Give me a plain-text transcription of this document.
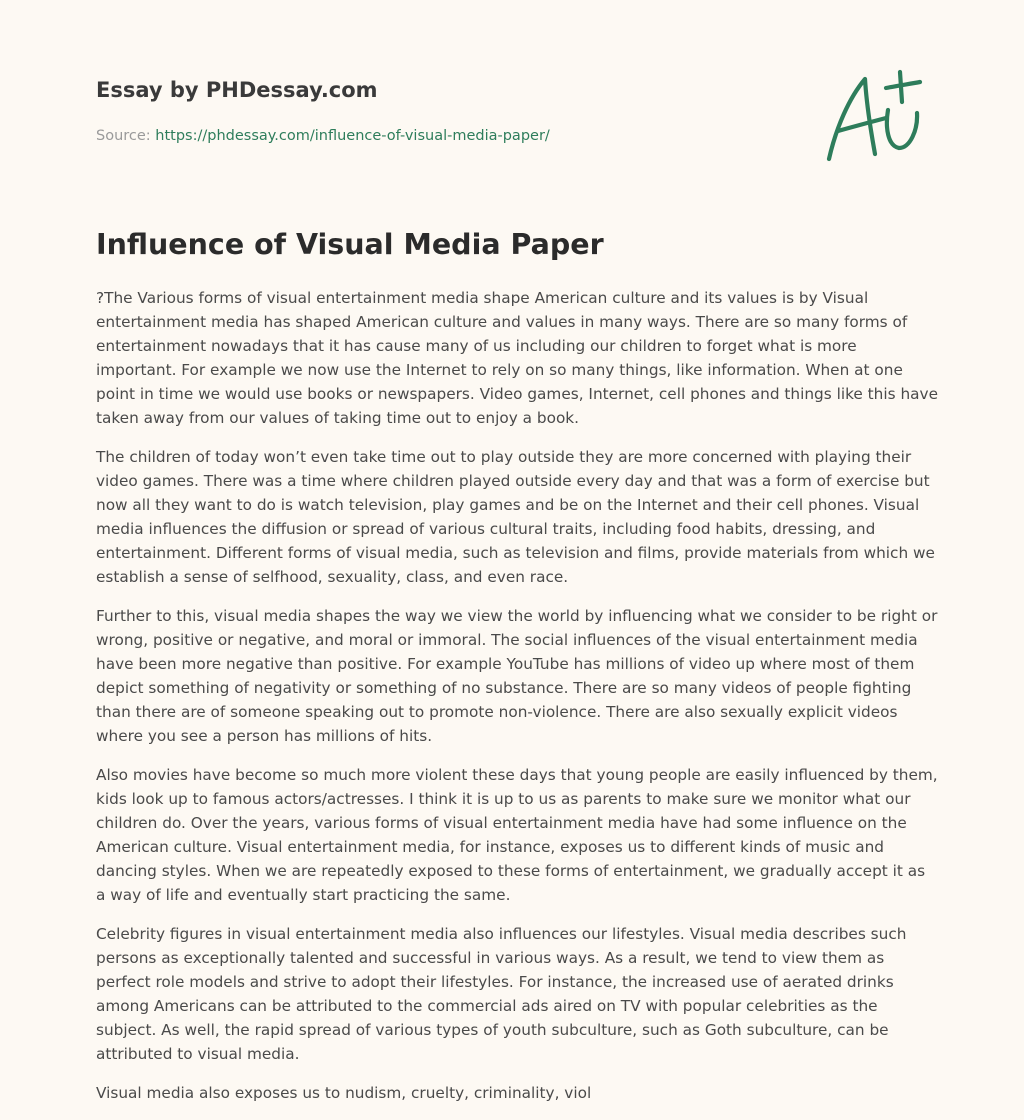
Essay by PHDessay.com
Source: https://phdessay.com/influence-of-visual-media-paper/
Influence of Visual Media Paper

?The Various forms of visual entertainment media shape American culture and its values is by Visual entertainment media has shaped American culture and values in many ways. There are so many forms of entertainment nowadays that it has cause many of us including our children to forget what is more important. For example we now use the Internet to rely on so many things, like information. When at one point in time we would use books or newspapers. Video games, Internet, cell phones and things like this have taken away from our values of taking time out to enjoy a book.

The children of today won’t even take time out to play outside they are more concerned with playing their video games. There was a time where children played outside every day and that was a form of exercise but now all they want to do is watch television, play games and be on the Internet and their cell phones. Visual media influences the diffusion or spread of various cultural traits, including food habits, dressing, and entertainment. Different forms of visual media, such as television and films, provide materials from which we establish a sense of selfhood, sexuality, class, and even race.

Further to this, visual media shapes the way we view the world by influencing what we consider to be right or wrong, positive or negative, and moral or immoral. The social influences of the visual entertainment media have been more negative than positive. For example YouTube has millions of video up where most of them depict something of negativity or something of no substance. There are so many videos of people fighting than there are of someone speaking out to promote non-violence. There are also sexually explicit videos where you see a person has millions of hits.

Also movies have become so much more violent these days that young people are easily influenced by them, kids look up to famous actors/actresses. I think it is up to us as parents to make sure we monitor what our children do. Over the years, various forms of visual entertainment media have had some influence on the American culture. Visual entertainment media, for instance, exposes us to different kinds of music and dancing styles. When we are repeatedly exposed to these forms of entertainment, we gradually accept it as a way of life and eventually start practicing the same.

Celebrity figures in visual entertainment media also influences our lifestyles. Visual media describes such persons as exceptionally talented and successful in various ways. As a result, we tend to view them as perfect role models and strive to adopt their lifestyles. For instance, the increased use of aerated drinks among Americans can be attributed to the commercial ads aired on TV with popular celebrities as the subject. As well, the rapid spread of various types of youth subculture, such as Goth subculture, can be attributed to visual media.

Visual media also exposes us to nudism, cruelty, criminality, viol
